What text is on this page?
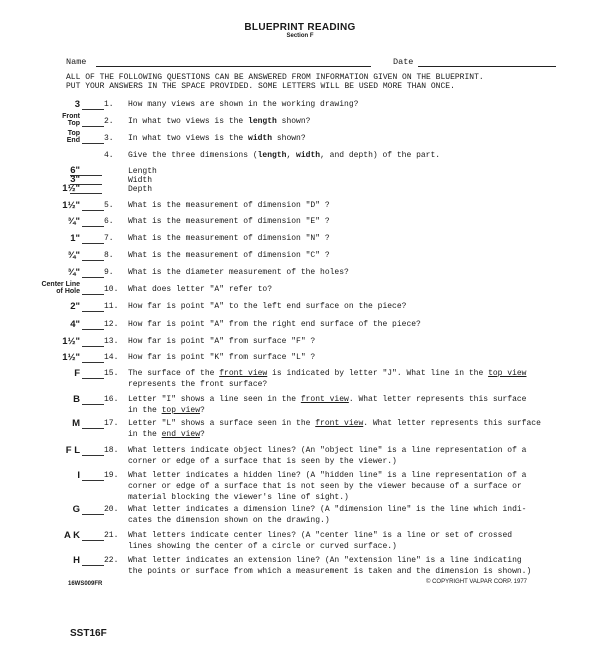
BLUEPRINT READING
Section F
Name	Date
ALL OF THE FOLLOWING QUESTIONS CAN BE ANSWERED FROM INFORMATION GIVEN ON THE BLUEPRINT.
PUT YOUR ANSWERS IN THE SPACE PROVIDED. SOME LETTERS WILL BE USED MORE THAN ONCE.
3	1.	How many views are shown in the working drawing?
Front
Top	2.	In what two views is the length shown?
Top
End	3.	In what two views is the width shown?
4.	Give the three dimensions (length, width, and depth) of the part.
1½"	5.	What is the measurement of dimension "D" ?
¾"	6.	What is the measurement of dimension "E" ?
1"	7.	What is the measurement of dimension "N" ?
¾"	8.	What is the measurement of dimension "C" ?
¾"	9.	What is the diameter measurement of the holes?
Center Line
of Hole	10.	What does letter "A" refer to?
2"	11.	How far is point "A" to the left end surface on the piece?
4"	12.	How far is point "A" from the right end surface of the piece?
1½"	13.	How far is point "A" from surface "F" ?
1½"	14.	How far is point "K" from surface "L" ?
F	15.	The surface of the front view is indicated by letter "J". What line in the top view
represents the front surface?
B	16.	Letter "I" shows a line seen in the front view. What letter represents this surface
in the top view?
M	17.	Letter "L" shows a surface seen in the front view. What letter represents this surface
in the end view?
F L	18.	What letters indicate object lines? (An "object line" is a line representation of a
corner or edge of a surface that is seen by the viewer.)
I	19.	What letter indicates a hidden line? (A "hidden line" is a line representation of a
corner or edge of a surface that is not seen by the viewer because of a surface or
material blocking the viewer's line of sight.)
G	20.	What letter indicates a dimension line? (A "dimension line" is the line which indi-
cates the dimension shown on the drawing.)
A K	21.	What letters indicate center lines? (A "center line" is a line or set of crossed
lines showing the center of a circle or curved surface.)
H	22.	What letter indicates an extension line? (An "extension line" is a line indicating
the points or surface from which a measurement is taken and the dimension is shown.)
6"	Length
3"	Width
1½"	Depth
16WS009FR	© COPYRIGHT VALPAR CORP. 1977
SST16F
